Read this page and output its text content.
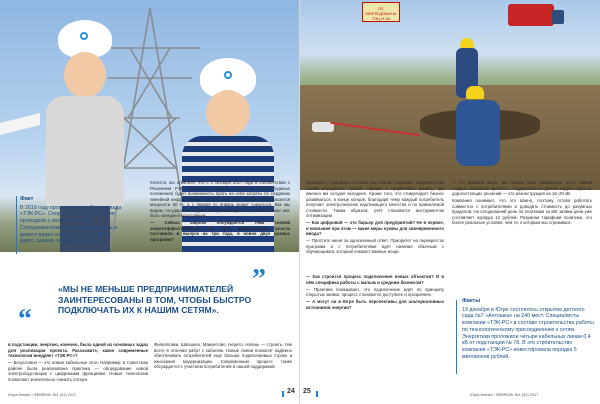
ПС НЕФТЕДОБЫЧА ТЭЦ Н-34
Факт
В 2016 году прошла первая Спартакиада «ТЭК-РС». Спортивные соревнования проходили с июня по октябрь. Сотрудники компании соревновались в девяти видах спорта: мини-футболе, дартс, шашки, водное поло и т. д.

Хочется, вы отметите, что с 1 октября 2017 года в соответствии с Решением РЭК Тюменской области, ХМАО и ЯНАО (единые положения) будет возможность брать на себя затраты по созданию линейной инфраструктуры до 150 кВт. Этот тонкий нюанс касается мощности 50 %, а с января по январь может снизиться. Как мы видим, государство создаёт все условия для того, чтобы бизнес мог быть конкурентоспособным.

— Сейчас широко обсуждается тема «новой энергоэффективности». Но суть, федеральные власти поставили в выпуск на три года, в новое двух разных программ?

проверите. Подобные системы уже сейчас позволяют потребителям самим определить лучшие тарифы и эффективно решать, где именно им сегодня выгоднее. Кроме того, это стимулирует бизнес развиваться, в конце концов, благодаря чему каждый потребитель получает электроэнергию надлежащего качества и по приемлемой стоимости. Таким образом, учёт становится инструментом оптимизации.

— Как цифровой — это барьер для предприятий? Не в первое, и компания при этом — какие меры нужны для своевременного ввода?

— Простите меня за однозначный ответ. Приоритет на перекресток программ и с потребителями идёт начиная обычным с обучающимся, который покажет важные вещи.

— По крайней мере, мы готовы этим заниматься. Есть заявки создать линейные проекты с поддержкой на уровне округа. Одно из дорогостоящих решений — это реконструкция на 16–20 кВ.

Компания понимает, что это важно, поэтому готова работать совместно с потребителями и доводить стоимость до разумных пределов. На сегодняшний день по платежам за кВт заявки цена уже составляет порядка 12 рублей. Разумная тарифная политика, это более реальные условия, чем те, к которым мы стремимся.

“
”
«МЫ НЕ МЕНЬШЕ ПРЕДПРИНИМАТЕЛЕЙ ЗАИНТЕРЕСОВАНЫ В ТОМ, ЧТОБЫ БЫСТРО ПОДКЛЮЧАТЬ ИХ К НАШИМ СЕТЯМ».

в подстанции, энергию, конечно, была одной из основных задач для реализации проекта. Расскажите, какие современные технологии внедряет «ТЭК-РС»?

— Безусловно — это новые кабельные сети. Например, в Советском районе была реализована практика — оборудование новой электроподстанции с цифровыми функциями. Новые технологии позволяют значительно снизить потери.

Филипповки, Шапшино, Мамонтово, Нерито, Нягань — строить, тем всего в отличии работ с кабелем. Новые линии позволят надёжно обеспечивать потребителей ещё больше подключаемых строек и изыскания модернизации. Современный процесс также обсуждается с участием потребителей и нашей поддержкой.

— Как строится процесс подключения новых объектов? И в чём специфика работы с малым и средним бизнесом?

— Практика показывает, что подключение идёт по принципу открытых заявок, процесс становится доступнее и прозрачнее.

— А могут ли в Югре быть перспективы для альтернативных источников энергии?

Факты
19 декабря в Югре состоялось открытие детского сада №7 «Антошка» на 240 мест. Специалисты компании «ТЭК-РС» в составе строительства работы по технологическому присоединению к сетям. Энергетики проложили четыре кабельных линии 0,4 кВ от подстанции № 78. В это строительство компания «ТЭК-РС» инвестировала порядка 5 миллионов рублей.
Югра бизнес / ФЕВРАЛЬ №1 (51) 2017	24 25	Югра бизнес / ФЕВРАЛЬ №1 (51) 2017
